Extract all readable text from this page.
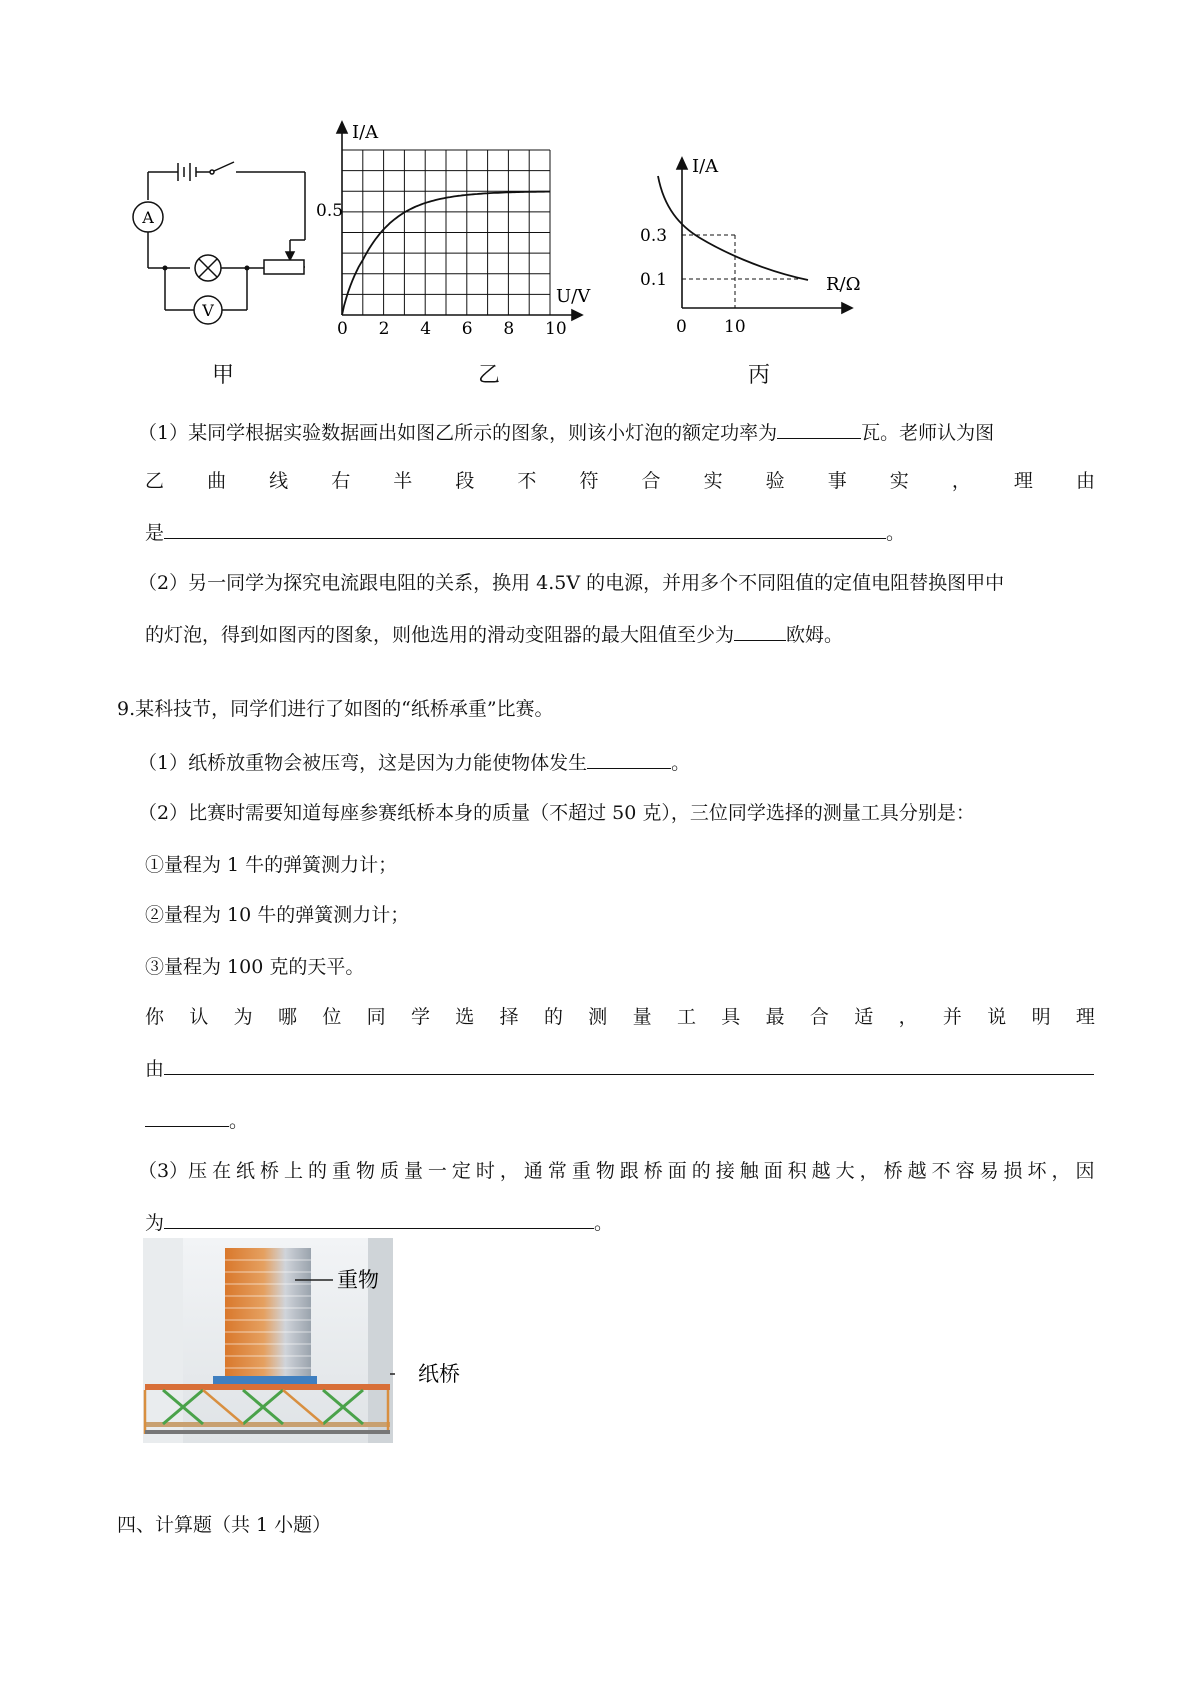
A
V
甲
I/A
U/V
0.5
0 2 4 6 8 10
乙
I/A
R/Ω
0.3
0.1
0 10
丙
（1）某同学根据实验数据画出如图乙所示的图象，则该小灯泡的额定功率为	瓦。老师认为图
乙 曲 线 右 半 段 不 符 合 实 验 事 实 ， 理 由
是	。
（2）另一同学为探究电流跟电阻的关系，换用 4.5V 的电源，并用多个不同阻值的定值电阻替换图甲中
的灯泡，得到如图丙的图象，则他选用的滑动变阻器的最大阻值至少为	欧姆。
9.某科技节，同学们进行了如图的“纸桥承重”比赛。
（1）纸桥放重物会被压弯，这是因为力能使物体发生	。
（2）比赛时需要知道每座参赛纸桥本身的质量（不超过 50 克），三位同学选择的测量工具分别是：
①量程为 1 牛的弹簧测力计；
②量程为 10 牛的弹簧测力计；
③量程为 100 克的天平。
你 认 为 哪 位 同 学 选 择 的 测 量 工 具 最 合 适 ， 并 说 明 理
由
。
（3）压 在 纸 桥 上 的 重 物 质 量 一 定 时 ， 通 常 重 物 跟 桥 面 的 接 触 面 积 越 大 ， 桥 越 不 容 易 损 坏 ， 因
为	。
重物
纸桥
四、计算题（共 1 小题）
